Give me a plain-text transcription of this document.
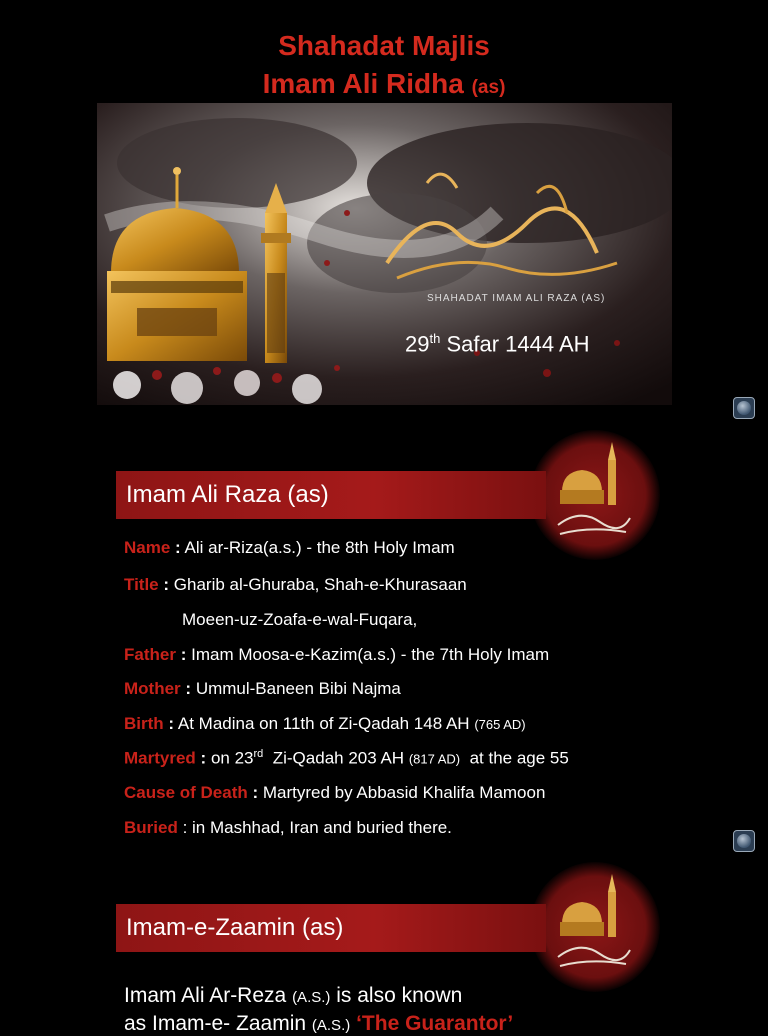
Shahadat Majlis
Imam Ali Ridha (as)
SHAHADAT IMAM ALI RAZA (AS)
29th Safar 1444 AH
Imam Ali Raza (as)
Name : Ali ar-Riza(a.s.) - the 8th Holy Imam
Title : Gharib al-Ghuraba, Shah-e-Khurasaan
Moeen-uz-Zoafa-e-wal-Fuqara,
Father : Imam Moosa-e-Kazim(a.s.) - the 7th Holy Imam
Mother : Ummul-Baneen Bibi Najma
Birth : At Madina on 11th of Zi-Qadah 148 AH (765 AD)
Martyred : on 23rd Zi-Qadah 203 AH (817 AD) at the age 55
Cause of Death : Martyred by Abbasid Khalifa Mamoon
Buried : in Mashhad, Iran and buried there.
Imam-e-Zaamin (as)
Imam Ali Ar-Reza (A.S.) is also known
as Imam-e- Zaamin (A.S.) ‘The Guarantor’
